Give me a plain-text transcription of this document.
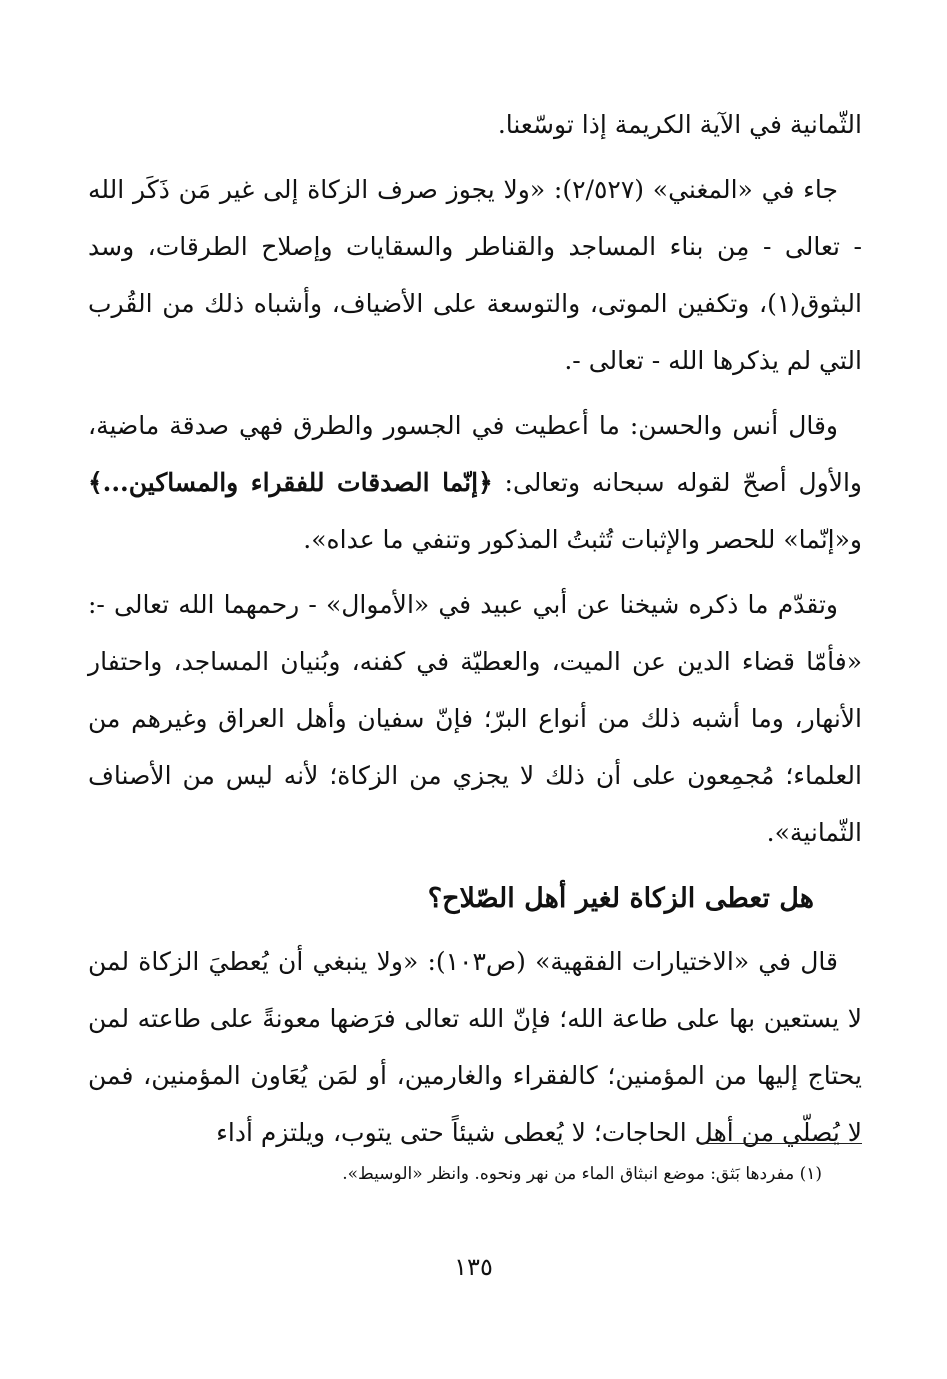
الثّمانية في الآية الكريمة إذا توسّعنا.

جاء في «المغني» (٢/٥٢٧): «ولا يجوز صرف الزكاة إلى غير مَن ذَكَر الله - تعالى - مِن بناء المساجد والقناطر والسقايات وإصلاح الطرقات، وسد البثوق(١)، وتكفين الموتى، والتوسعة على الأضياف، وأشباه ذلك من القُرب التي لم يذكرها الله - تعالى -.

وقال أنس والحسن: ما أعطيت في الجسور والطرق فهي صدقة ماضية، والأول أصحّ لقوله سبحانه وتعالى: ﴿إنّما الصدقات للفقراء والمساكين...﴾ و«إنّما» للحصر والإثبات تُثبتُ المذكور وتنفي ما عداه».

وتقدّم ما ذكره شيخنا عن أبي عبيد في «الأموال» - رحمهما الله تعالى -: «فأمّا قضاء الدين عن الميت، والعطيّة في كفنه، وبُنيان المساجد، واحتفار الأنهار، وما أشبه ذلك من أنواع البرّ؛ فإنّ سفيان وأهل العراق وغيرهم من العلماء؛ مُجمِعون على أن ذلك لا يجزي من الزكاة؛ لأنه ليس من الأصناف الثّمانية».

هل تعطى الزكاة لغير أهل الصّلاح؟

قال في «الاختيارات الفقهية» (ص١٠٣): «ولا ينبغي أن يُعطيَ الزكاة لمن لا يستعين بها على طاعة الله؛ فإنّ الله تعالى فرَضها معونةً على طاعته لمن يحتاج إليها من المؤمنين؛ كالفقراء والغارمين، أو لمَن يُعَاون المؤمنين، فمن لا يُصلّي من أهل الحاجات؛ لا يُعطى شيئاً حتى يتوب، ويلتزم أداء

(١) مفردها بَثق: موضع انبثاق الماء من نهر ونحوه. وانظر «الوسيط».
١٣٥
